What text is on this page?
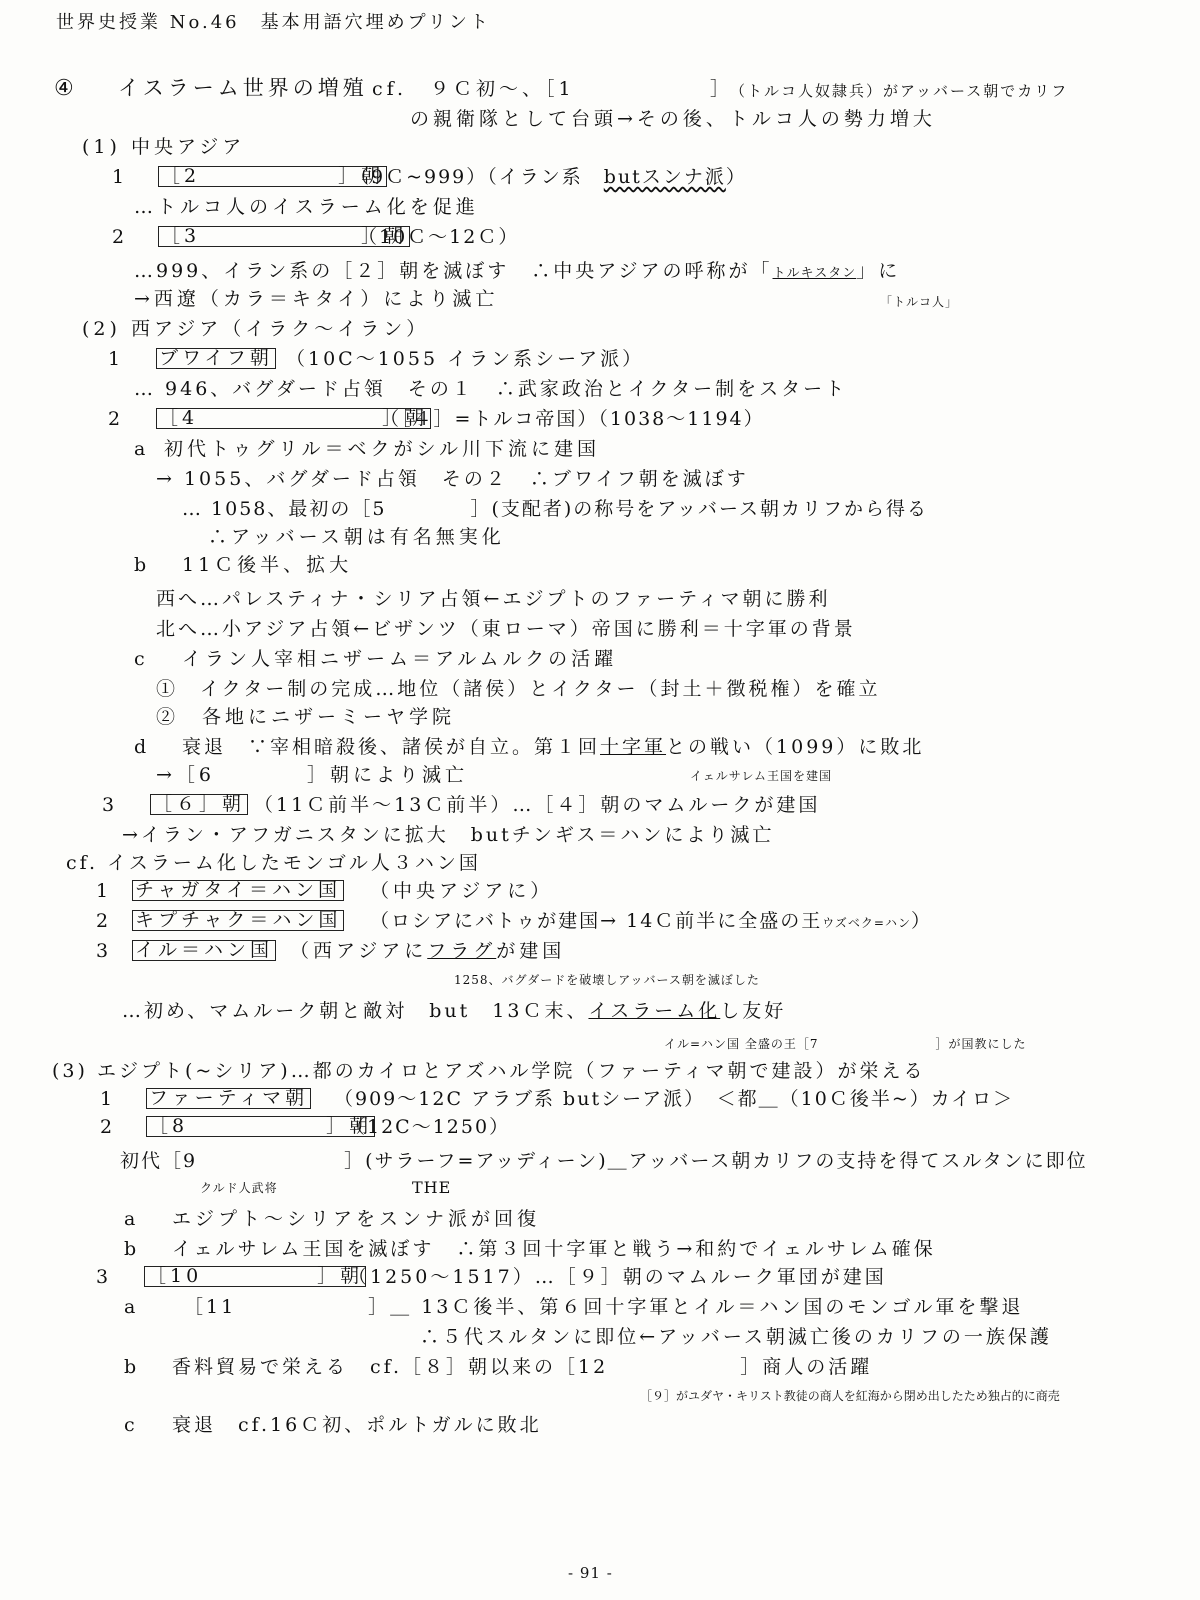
世界史授業 No.46　基本用語穴埋めプリント
④ イスラーム世界の増殖 cf.　９Ｃ初～、［1	］
（トルコ人奴隷兵）がアッバース朝でカリフ
の親衛隊として台頭→その後、トルコ人の勢力増大
(1) 中央アジア
1 ［2　　　　　　］朝
（9Ｃ~999）（イラン系　butスンナ派）
…トルコ人のイスラーム化を促進
2 ［3　　　　　　　］朝
（10Ｃ～12Ｃ）
…999、イラン系の［２］朝を滅ぼす　∴中央アジアの呼称が「トルキスタン」に
「トルコ人」
→西遼（カラ＝キタイ）により滅亡
(2) 西アジア（イラク～イラン）
1 ブワイフ朝 （10C～1055 イラン系シーア派）
… 946、バグダード占領　その１　∴武家政治とイクター制をスタート
2 ［4　　　　　　　　］朝
（［４］=トルコ帝国）（1038～1194）
a 初代トゥグリル＝ベクがシル川下流に建国
→ 1055、バグダード占領　その２　∴ブワイフ朝を滅ぼす
… 1058、最初の［5　　　　］(支配者)の称号をアッバース朝カリフから得る
∴アッバース朝は有名無実化
b 11Ｃ後半、拡大
西へ…パレスティナ・シリア占領←エジプトのファーティマ朝に勝利
北へ…小アジア占領←ビザンツ（東ローマ）帝国に勝利＝十字軍の背景
c イラン人宰相ニザーム＝アルムルクの活躍
①　イクター制の完成…地位（諸侯）とイクター（封土＋徴税権）を確立
②　各地にニザーミーヤ学院
d 衰退　∵宰相暗殺後、諸侯が自立。第１回十字軍との戦い（1099）に敗北
→［6　　　　］朝により滅亡	イェルサレム王国を建国
3 ［６］朝 （11Ｃ前半～13Ｃ前半）…［４］朝のマムルークが建国
→イラン・アフガニスタンに拡大　butチンギス＝ハンにより滅亡
cf. イスラーム化したモンゴル人３ハン国
1 チャガタイ＝ハン国 （中央アジアに）
2 キプチャク＝ハン国 （ロシアにバトゥが建国→ 14Ｃ前半に全盛の王ウズベク=ハン）
3 イル＝ハン国 （西アジアにフラグが建国
1258、バグダードを破壊しアッバース朝を滅ぼした
…初め、マムルーク朝と敵対　but　13Ｃ末、イスラーム化し友好
イル=ハン国 全盛の王［7　　　　　　　　　］が国教にした
(3) エジプト(~シリア)…都のカイロとアズハル学院（ファーティマ朝で建設）が栄える
1 ファーティマ朝 （909～12C アラブ系 butシーア派）　＜都＿（10Ｃ後半~）カイロ＞
2 ［8　　　　　　］朝
（12C～1250）
初代［9　　　　　　　］(サラーフ=アッディーン)＿アッバース朝カリフの支持を得てスルタンに即位
クルド人武将	THE
a エジプト～シリアをスンナ派が回復
b イェルサレム王国を滅ぼす　∴第３回十字軍と戦う→和約でイェルサレム確保
3 ［10　　　　　］朝
（1250～1517）…［９］朝のマムルーク軍団が建国
a ［11　　　　　　］＿ 13Ｃ後半、第６回十字軍とイル＝ハン国のモンゴル軍を撃退
∴５代スルタンに即位←アッバース朝滅亡後のカリフの一族保護
b 香料貿易で栄える　cf.［８］朝以来の［12　　　　　　］商人の活躍
［９］がユダヤ・キリスト教徒の商人を紅海から閉め出したため独占的に商売
c 衰退　cf.16Ｃ初、ポルトガルに敗北
- 91 -
